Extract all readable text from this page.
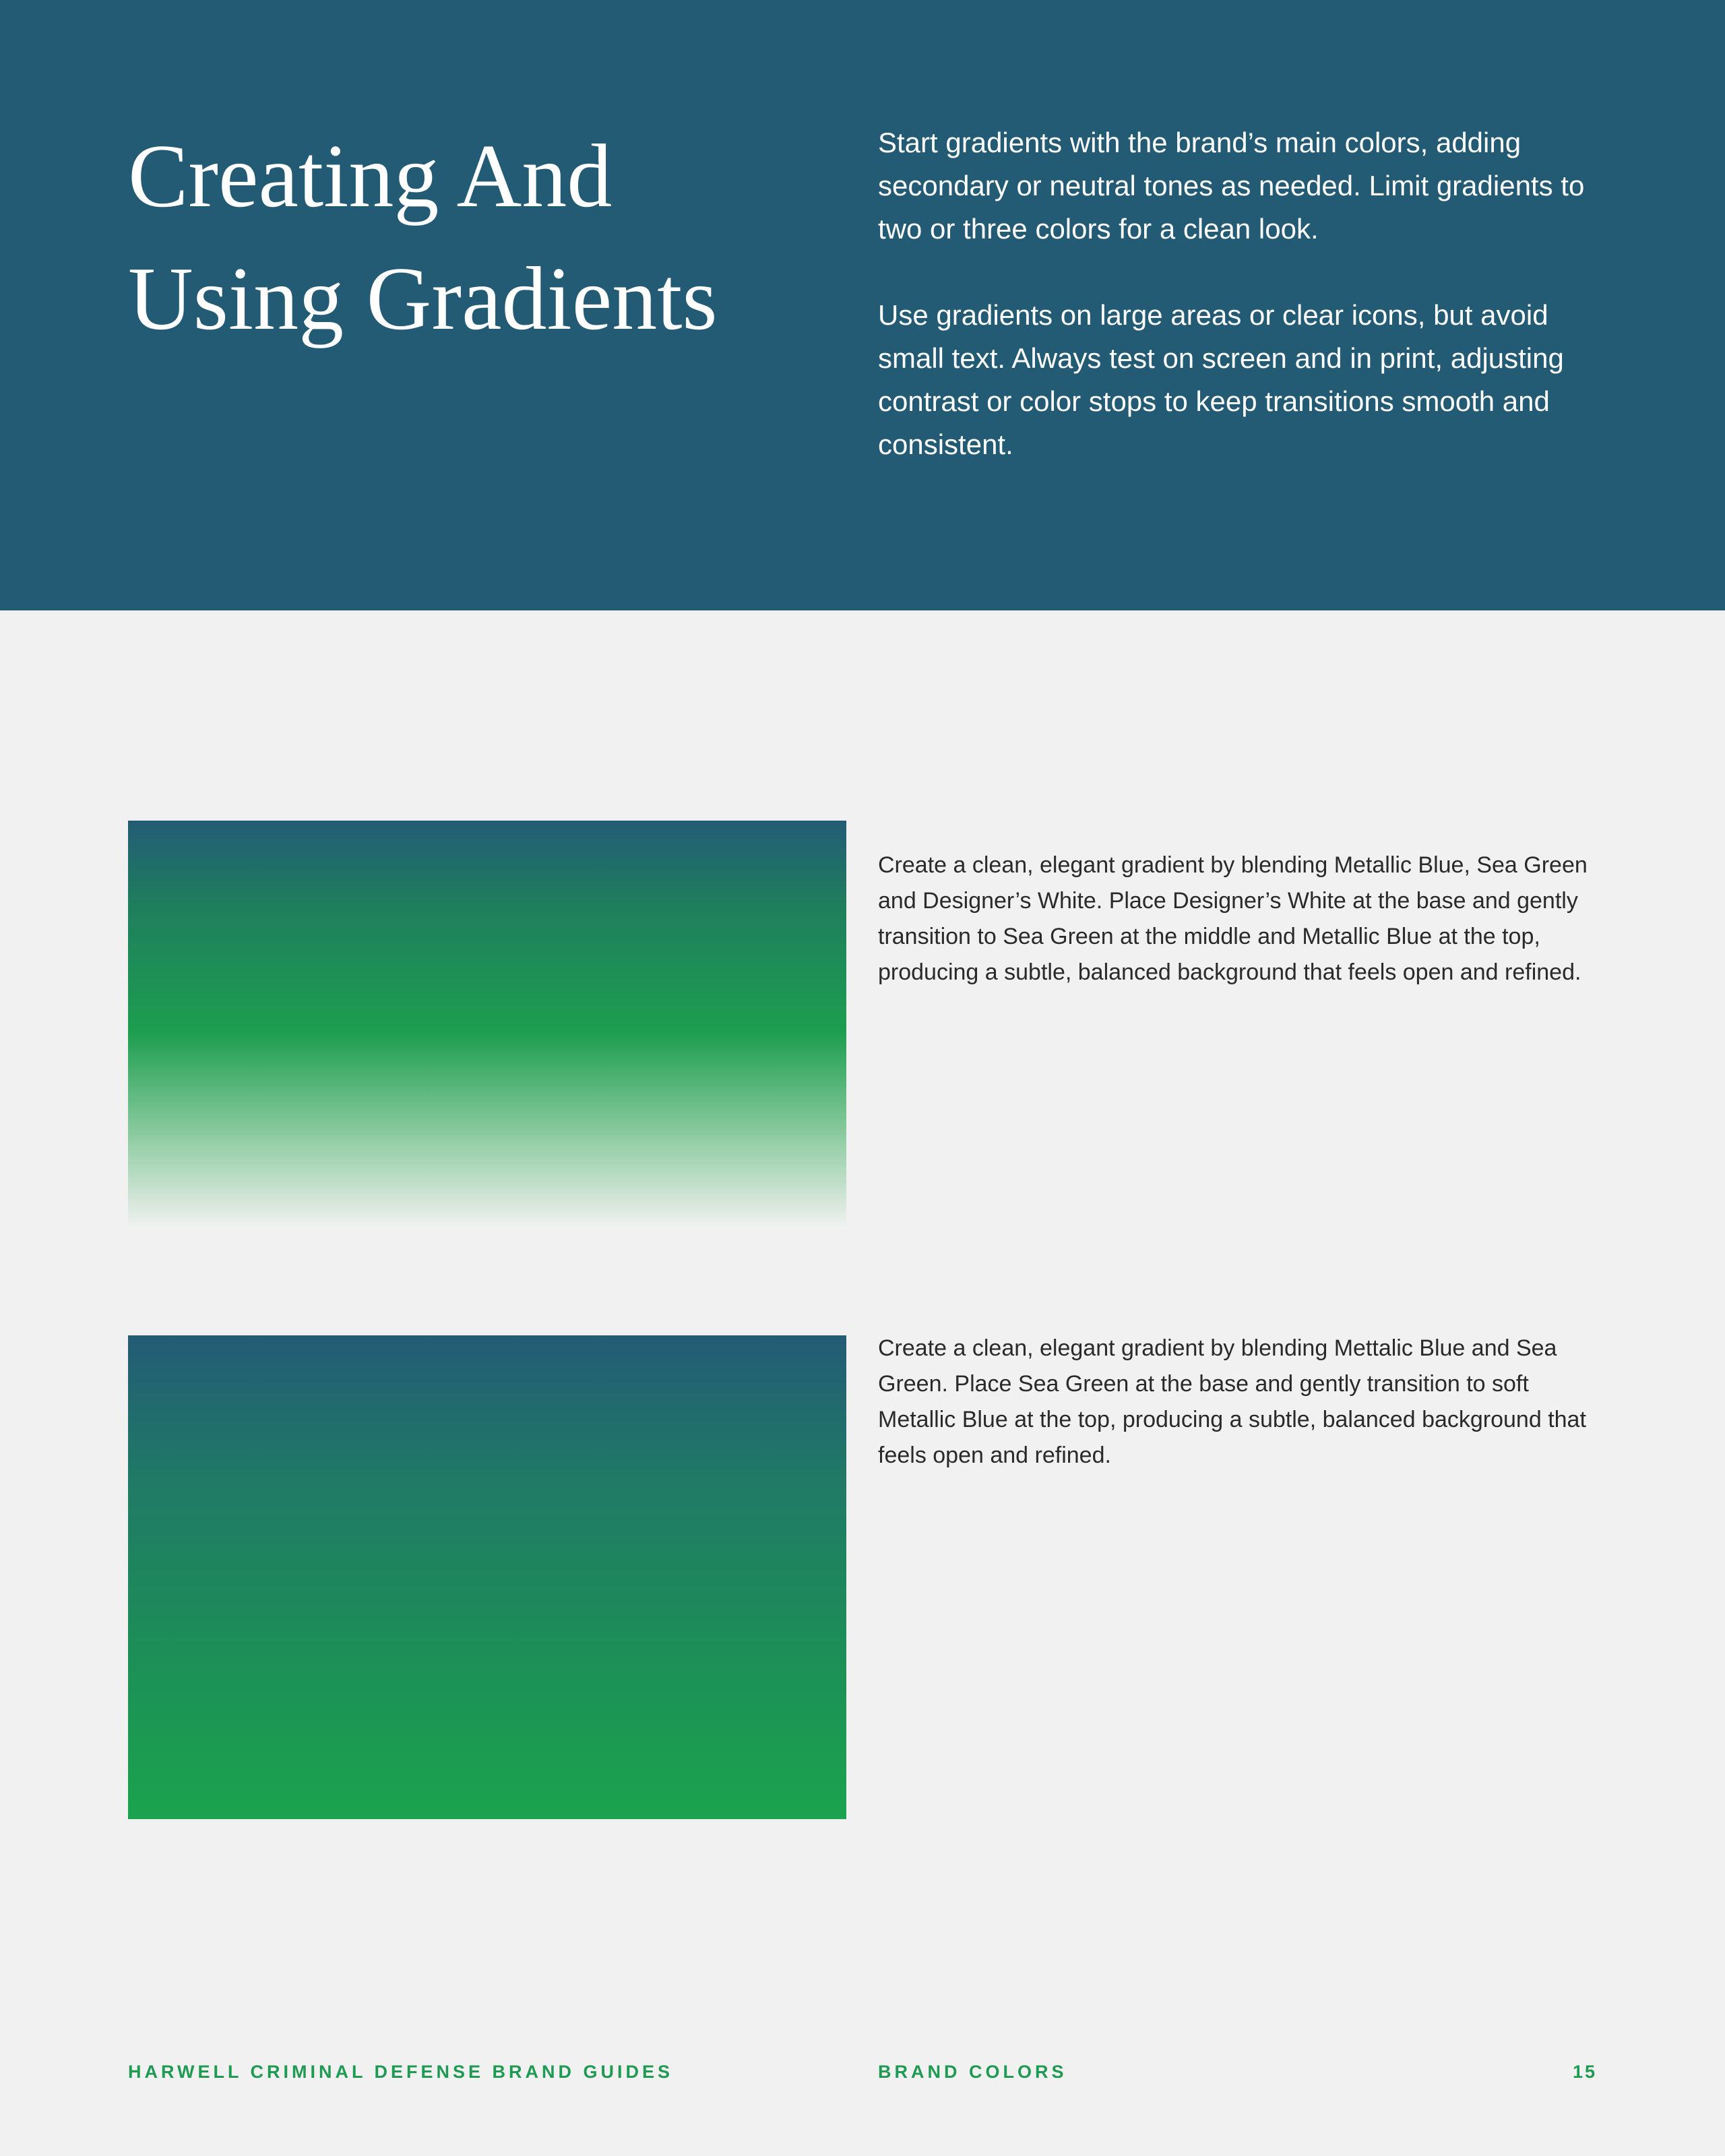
Creating And
Using Gradients

Start gradients with the brand’s main colors, adding secondary or neutral tones as needed. Limit gradients to two or three colors for a clean look.

Use gradients on large areas or clear icons, but avoid small text. Always test on screen and in print, adjusting contrast or color stops to keep transitions smooth and consistent.

Create a clean, elegant gradient by blending Metallic Blue, Sea Green and Designer’s White. Place Designer’s White at the base and gently transition to Sea Green at the middle and Metallic Blue at the top, producing a subtle, balanced background that feels open and refined.

Create a clean, elegant gradient by blending Mettalic Blue and Sea Green. Place Sea Green at the base and gently transition to soft Metallic Blue at the top, producing a subtle, balanced background that feels open and refined.

HARWELL CRIMINAL DEFENSE BRAND GUIDES	BRAND COLORS	15
